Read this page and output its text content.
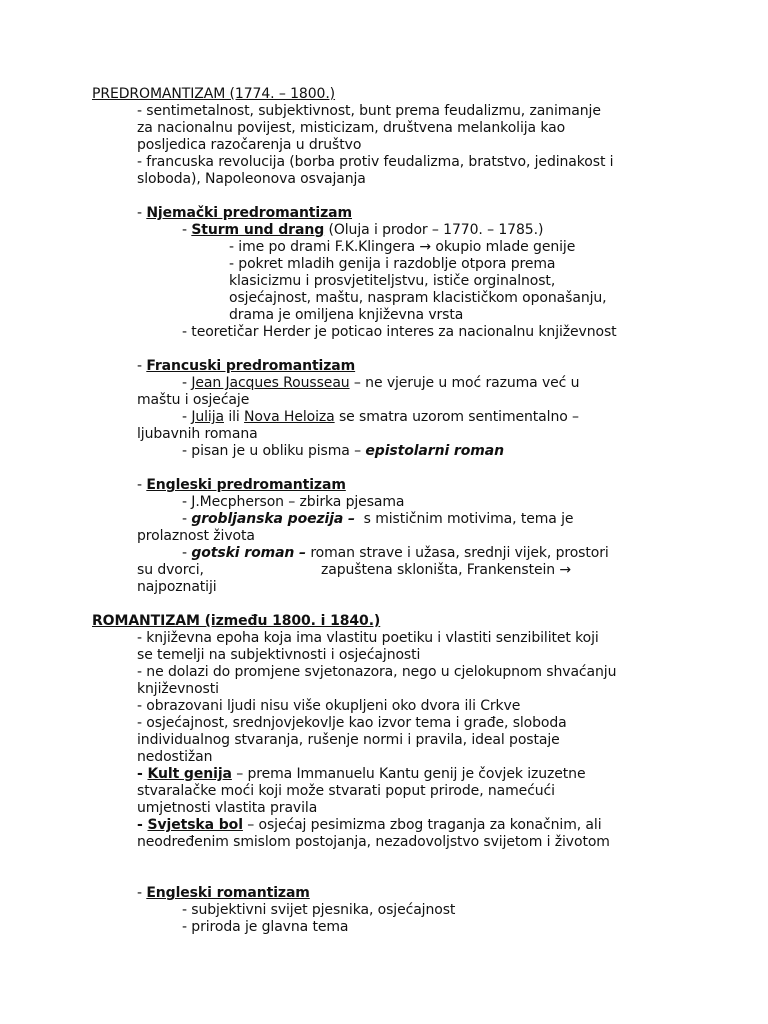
PREDROMANTIZAM (1774. – 1800.)
- sentimetalnost, subjektivnost, bunt prema feudalizmu, zanimanje
za nacionalnu povijest, misticizam, društvena melankolija kao
posljedica razočarenja u društvo
- francuska revolucija (borba protiv feudalizma, bratstvo, jedinakost i
sloboda), Napoleonova osvajanja
- Njemački predromantizam
- Sturm und drang (Oluja i prodor – 1770. – 1785.)
- ime po drami F.K.Klingera → okupio mlade genije
- pokret mladih genija i razdoblje otpora prema
klasicizmu i prosvjetiteljstvu, ističe orginalnost,
osjećajnost, maštu, naspram klacističkom oponašanju,
drama je omiljena književna vrsta
- teoretičar Herder je poticao interes za nacionalnu književnost
- Francuski predromantizam
- Jean Jacques Rousseau – ne vjeruje u moć razuma već u
maštu i osjećaje
- Julija ili Nova Heloiza se smatra uzorom sentimentalno –
ljubavnih romana
- pisan je u obliku pisma – epistolarni roman
- Engleski predromantizam
- J.Mecpherson – zbirka pjesama
- grobljanska poezija –  s mističnim motivima, tema je
prolaznost života
- gotski roman – roman strave i užasa, srednji vijek, prostori
su dvorci,	zapuštena skloništa, Frankenstein →
najpoznatiji
ROMANTIZAM (između 1800. i 1840.)
- književna epoha koja ima vlastitu poetiku i vlastiti senzibilitet koji
se temelji na subjektivnosti i osjećajnosti
- ne dolazi do promjene svjetonazora, nego u cjelokupnom shvaćanju
književnosti
- obrazovani ljudi nisu više okupljeni oko dvora ili Crkve
- osjećajnost, srednjovjekovlje kao izvor tema i građe, sloboda
individualnog stvaranja, rušenje normi i pravila, ideal postaje
nedostižan
- Kult genija – prema Immanuelu Kantu genij je čovjek izuzetne
stvaralačke moći koji može stvarati poput prirode, namećući
umjetnosti vlastita pravila
- Svjetska bol – osjećaj pesimizma zbog traganja za konačnim, ali
neodređenim smislom postojanja, nezadovoljstvo svijetom i životom
- Engleski romantizam
- subjektivni svijet pjesnika, osjećajnost
- priroda je glavna tema
